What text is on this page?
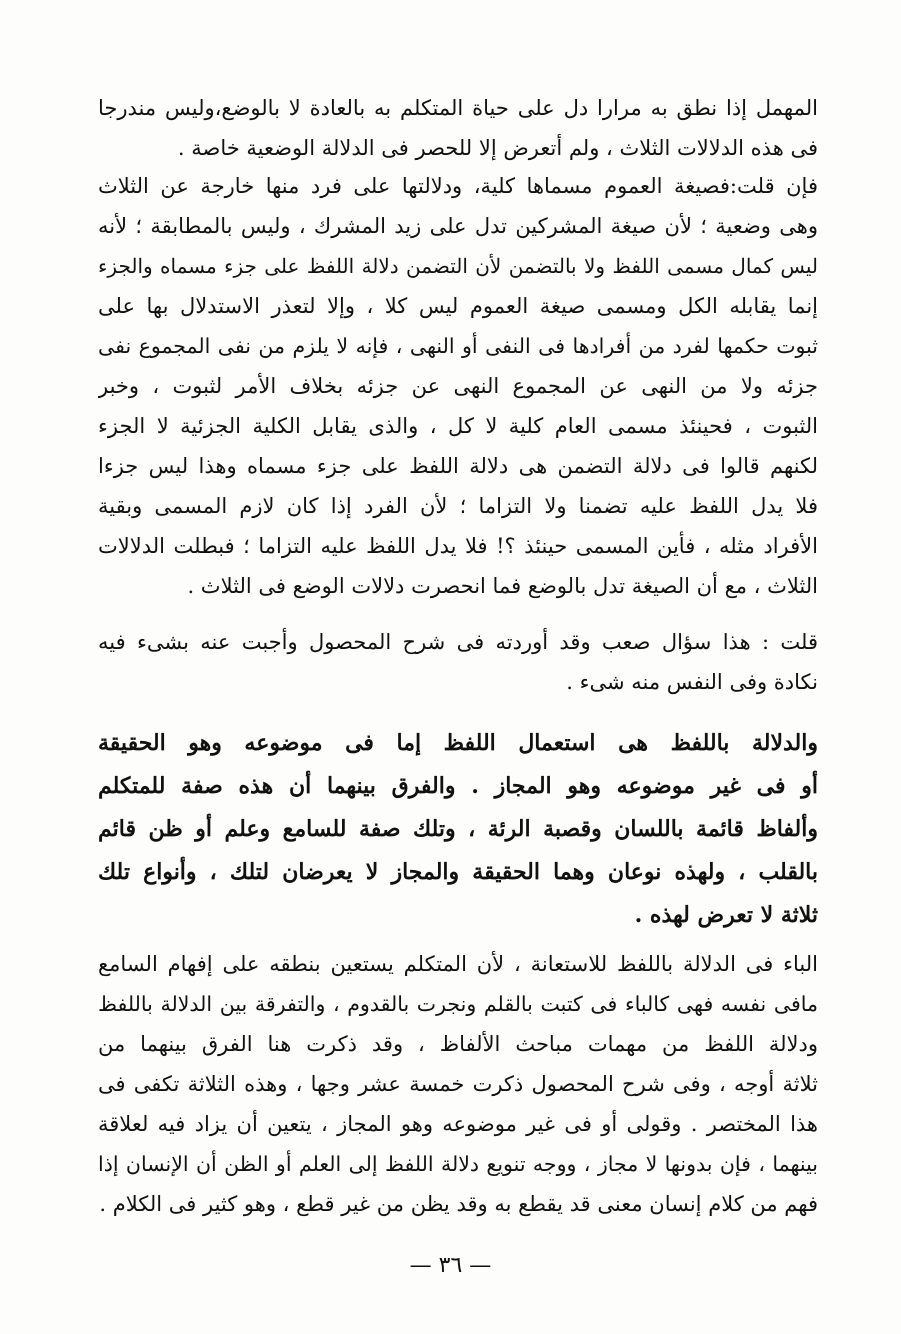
المهمل إذا نطق به مرارا دل على حياة المتكلم به بالعادة لا بالوضع،وليس مندرجا
فى هذه الدلالات الثلاث ، ولم أتعرض إلا للحصر فى الدلالة الوضعية خاصة .
فإن قلت:فصيغة العموم مسماها كلية، ودلالتها على فرد منها خارجة عن الثلاث
وهى وضعية ؛ لأن صيغة المشركين تدل على زيد المشرك ، وليس بالمطابقة ؛ لأنه
ليس كمال مسمى اللفظ ولا بالتضمن لأن التضمن دلالة اللفظ على جزء مسماه والجزء
إنما يقابله الكل ومسمى صيغة العموم ليس كلا ، وإلا لتعذر الاستدلال بها على
ثبوت حكمها لفرد من أفرادها فى النفى أو النهى ، فإنه لا يلزم من نفى المجموع نفى
جزئه ولا من النهى عن المجموع النهى عن جزئه بخلاف الأمر لثبوت ، وخبر
الثبوت ، فحينئذ مسمى العام كلية لا كل ، والذى يقابل الكلية الجزئية لا الجزء
لكنهم قالوا فى دلالة التضمن هى دلالة اللفظ على جزء مسماه وهذا ليس جزءا
فلا يدل اللفظ عليه تضمنا ولا التزاما ؛ لأن الفرد إذا كان لازم المسمى وبقية
الأفراد مثله ، فأين المسمى حينئذ ؟! فلا يدل اللفظ عليه التزاما ؛ فبطلت الدلالات
الثلاث ، مع أن الصيغة تدل بالوضع فما انحصرت دلالات الوضع فى الثلاث .
قلت : هذا سؤال صعب وقد أوردته فى شرح المحصول وأجبت عنه بشىء فيه
نكادة وفى النفس منه شىء .
والدلالة باللفظ هى استعمال اللفظ إما فى موضوعه وهو الحقيقة
أو فى غير موضوعه وهو المجاز . والفرق بينهما أن هذه صفة للمتكلم
وألفاظ قائمة باللسان وقصبة الرئة ، وتلك صفة للسامع وعلم أو ظن قائم
بالقلب ، ولهذه نوعان وهما الحقيقة والمجاز لا يعرضان لتلك ، وأنواع تلك
ثلاثة لا تعرض لهذه .
الباء فى الدلالة باللفظ للاستعانة ، لأن المتكلم يستعين بنطقه على إفهام السامع
مافى نفسه فهى كالباء فى كتبت بالقلم ونجرت بالقدوم ، والتفرقة بين الدلالة باللفظ
ودلالة اللفظ من مهمات مباحث الألفاظ ، وقد ذكرت هنا الفرق بينهما من
ثلاثة أوجه ، وفى شرح المحصول ذكرت خمسة عشر وجها ، وهذه الثلاثة تكفى فى
هذا المختصر . وقولى أو فى غير موضوعه وهو المجاز ، يتعين أن يزاد فيه لعلاقة
بينهما ، فإن بدونها لا مجاز ، ووجه تنويع دلالة اللفظ إلى العلم أو الظن أن الإنسان إذا
فهم من كلام إنسان معنى قد يقطع به وقد يظن من غير قطع ، وهو كثير فى الكلام .
— ٣٦ —
